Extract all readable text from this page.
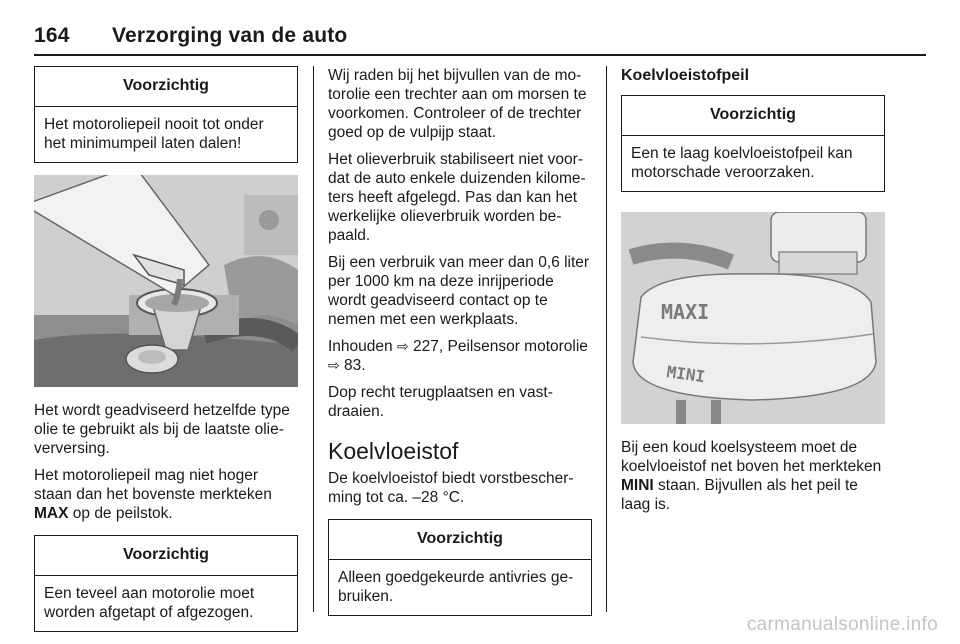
164 Verzorging van de auto
Voorzichtig
Het motoroliepeil nooit tot onder het minimumpeil laten dalen!

Het wordt geadviseerd hetzelfde type olie te gebruikt als bij de laatste olieverversing.

Het motoroliepeil mag niet hoger staan dan het bovenste merkteken MAX op de peilstok.

Voorzichtig
Een teveel aan motorolie moet worden afgetapt of afgezogen.

Wij raden bij het bijvullen van de motorolie een trechter aan om morsen te voorkomen. Controleer of de trechter goed op de vulpijp staat.

Het olieverbruik stabiliseert niet voordat de auto enkele duizenden kilometers heeft afgelegd. Pas dan kan het werkelijke olieverbruik worden bepaald.

Bij een verbruik van meer dan 0,6 liter per 1000 km na deze inrijperiode wordt geadviseerd contact op te nemen met een werkplaats.

Inhouden ⇨ 227, Peilsensor motorolie ⇨ 83.

Dop recht terugplaatsen en vastdraaien.

Koelvloeistof

De koelvloeistof biedt vorstbescherming tot ca. –28 °C.

Voorzichtig
Alleen goedgekeurde antivries gebruiken.
Koelvloeistofpeil
Voorzichtig
Een te laag koelvloeistofpeil kan motorschade veroorzaken.
MAXI
MINI

Bij een koud koelsysteem moet de koelvloeistof net boven het merkteken MINI staan. Bijvullen als het peil te laag is.

carmanualsonline.info
